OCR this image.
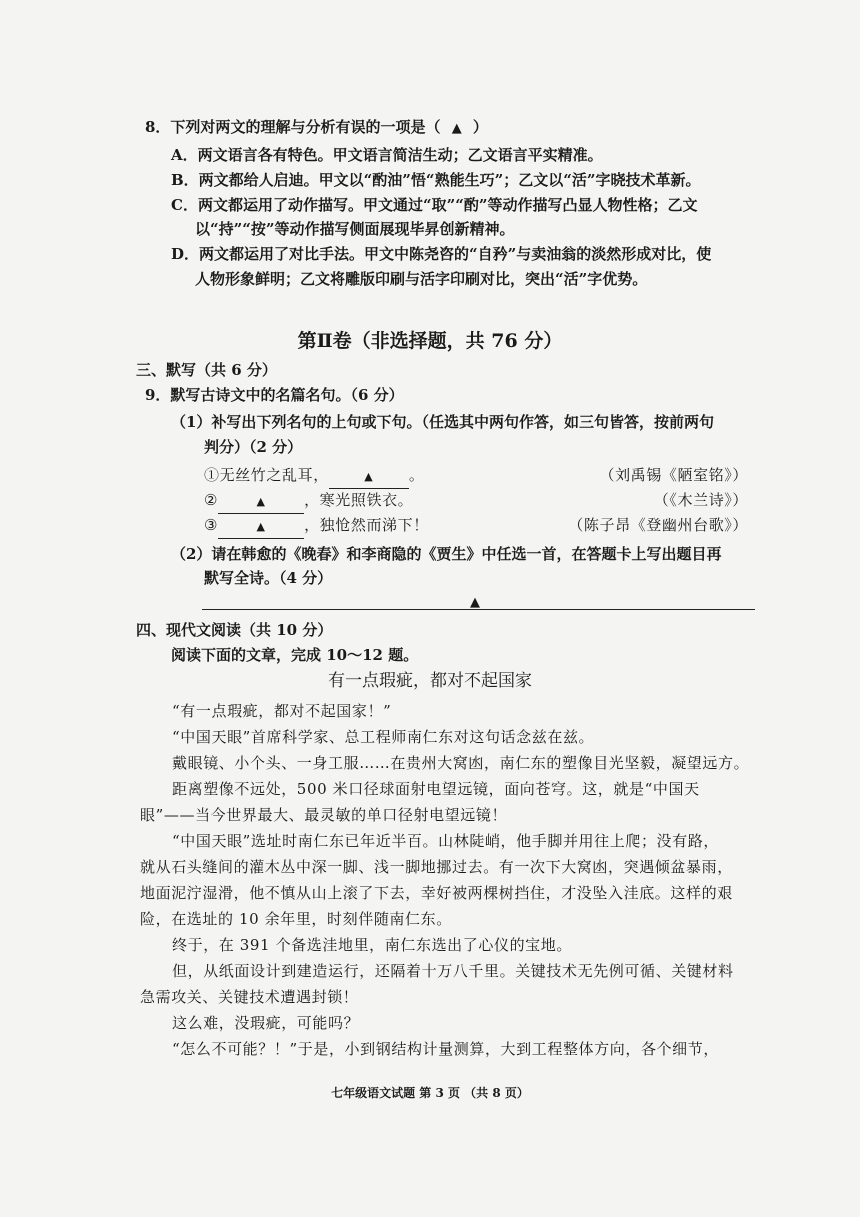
8．下列对两文的理解与分析有误的一项是（ ▲ ）
A．两文语言各有特色。甲文语言简洁生动；乙文语言平实精准。
B．两文都给人启迪。甲文以“酌油”悟“熟能生巧”；乙文以“活”字晓技术革新。
C．两文都运用了动作描写。甲文通过“取”“酌”等动作描写凸显人物性格；乙文
以“持”“按”等动作描写侧面展现毕昇创新精神。
D．两文都运用了对比手法。甲文中陈尧咨的“自矜”与卖油翁的淡然形成对比，使
人物形象鲜明；乙文将雕版印刷与活字印刷对比，突出“活”字优势。
第Ⅱ卷（非选择题，共 76 分）
三、默写（共 6 分）
9．默写古诗文中的名篇名句。（6 分）
（1）补写出下列名句的上句或下句。（任选其中两句作答，如三句皆答，按前两句
判分）（2 分）
①无丝竹之乱耳，	▲ 。	（刘禹锡《陋室铭》）
②	▲	，寒光照铁衣。	（《木兰诗》）
③	▲	，独怆然而涕下！	（陈子昂《登幽州台歌》）
（2）请在韩愈的《晚春》和李商隐的《贾生》中任选一首，在答题卡上写出题目再
默写全诗。（4 分）
▲
四、现代文阅读（共 10 分）
阅读下面的文章，完成 10～12 题。
有一点瑕疵，都对不起国家
“有一点瑕疵，都对不起国家！”
“中国天眼”首席科学家、总工程师南仁东对这句话念兹在兹。
戴眼镜、小个头、一身工服……在贵州大窝凼，南仁东的塑像目光坚毅，凝望远方。
距离塑像不远处，500 米口径球面射电望远镜，面向苍穹。这，就是“中国天
眼”——当今世界最大、最灵敏的单口径射电望远镜！
“中国天眼”选址时南仁东已年近半百。山林陡峭，他手脚并用往上爬；没有路，
就从石头缝间的灌木丛中深一脚、浅一脚地挪过去。有一次下大窝凼，突遇倾盆暴雨，
地面泥泞湿滑，他不慎从山上滚了下去，幸好被两棵树挡住，才没坠入洼底。这样的艰
险，在选址的 10 余年里，时刻伴随南仁东。
终于，在 391 个备选洼地里，南仁东选出了心仪的宝地。
但，从纸面设计到建造运行，还隔着十万八千里。关键技术无先例可循、关键材料
急需攻关、关键技术遭遇封锁！
这么难，没瑕疵，可能吗？
“怎么不可能？！”于是，小到钢结构计量测算，大到工程整体方向，各个细节，
七年级语文试题 第 3 页 （共 8 页）
